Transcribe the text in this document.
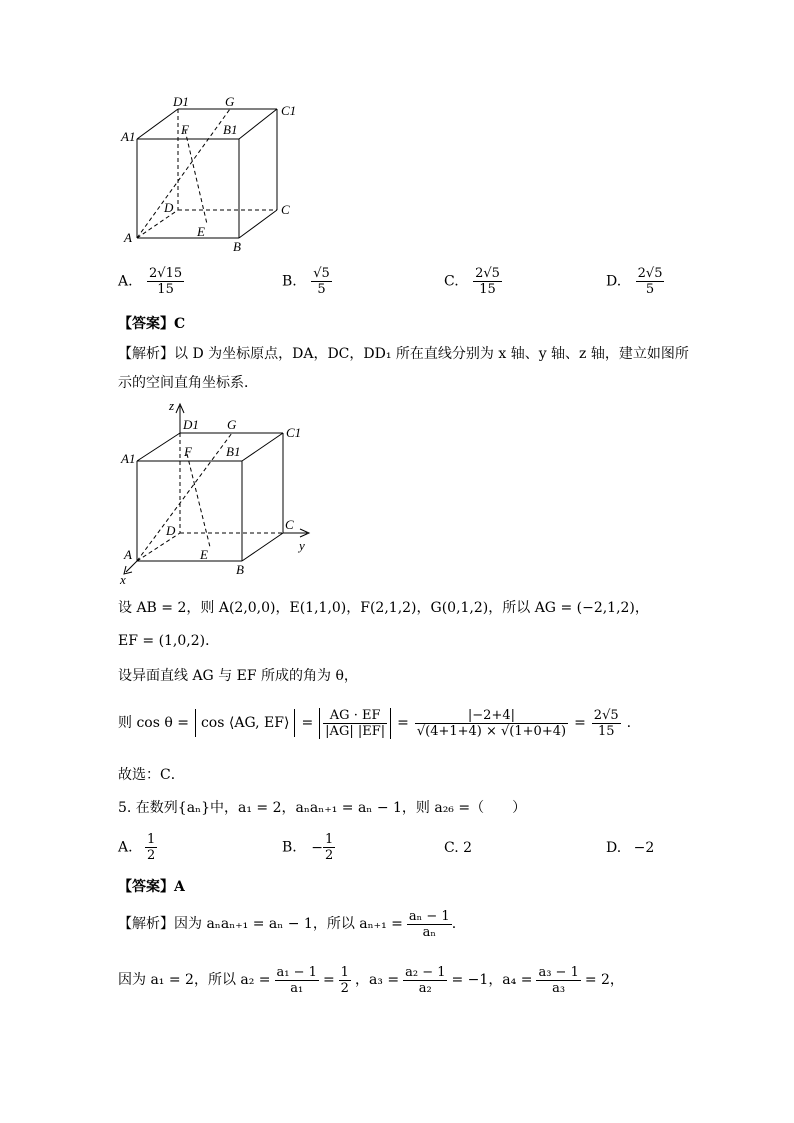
D1	G
C1
A1	F	B1
D	C
A	E
B
A. $\frac{2√15}{15}$	B. $\frac{√5}{5}$	C. $\frac{2√5}{15}$	D. $\frac{2√5}{5}$
【答案】C
【解析】以 D 为坐标原点，DA，DC，DD₁ 所在直线分别为 x 轴、y 轴、z 轴，建立如图所
示的空间直角坐标系．
z
D1 G
C1
A1	F	B1
D	C
y
A	E
B
x
设 AB = 2，则 A(2,0,0)，E(1,1,0)，F(2,1,2)，G(0,1,2)，所以 AG = (−2,1,2)，
EF = (1,0,2)．
设异面直线 AG 与 EF 所成的角为 θ，
则 cos θ = cos ⟨AG, EF⟩ = $\frac{AG \cdot EF}{|AG| |EF|} = \frac{|-2+4|}{√(4+1+4) \times √(1+0+4)} = \frac{2√5}{15}$ .
故选：C．
5. 在数列{aₙ}中，a₁ = 2，aₙaₙ₊₁ = aₙ − 1，则 a₂₆ =（　　）
A. $\frac{1}{2}$	B. − $\frac{1}{2}$	C. 2	D. −2
【答案】A
【解析】因为 aₙaₙ₊₁ = aₙ − 1，所以 $a_{n+1} = \frac{\text{aₙ − 1}}{\text{aₙ}}$ .
因为 a₁ = 2，所以 $a_2 = \frac{\text{a₁ − 1}}{\text{a₁}} = \frac{1}{2}$ ，$a_3 = \frac{\text{a₂ − 1}}{\text{a₂}} = -1$ ，$a_4 = \frac{\text{a₃ − 1}}{\text{a₃}} = 2$，
